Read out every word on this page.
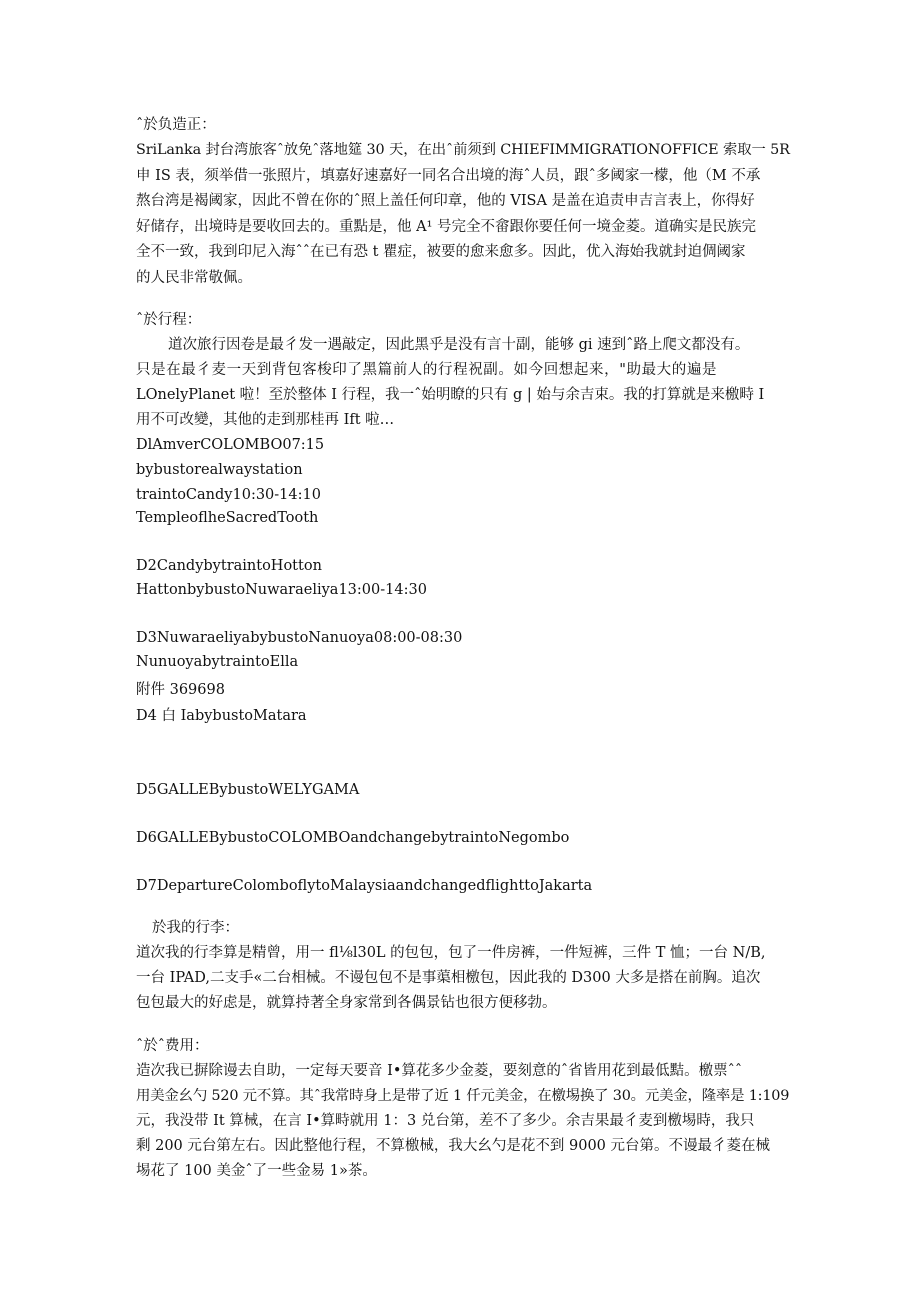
ˆ於负造正：
SriLanka 封台湾旅客ˆ放免ˆ落地筵 30 天，在出ˆ前须到 CHIEFIMMIGRATIONOFFICE 索取一 5R
申 IS 表，须举借一张照片，填嘉好速嘉好一同名合出境的海ˆ人员，跟ˆ多阈家一檬，他（M 不承
熬台湾是褐阈家，因此不曾在你的ˆ照上盖任何印章，他的 VISA 是盖在追责申吉言表上，你得好
好储存，出境時是要收回去的。重點是，他 A¹ 号完全不畲跟你要任何一境金菱。道确实是民族完
全不一致，我到印尼入海ˆˆ在已有恐 t 瞿症，被要的愈来愈多。因此，优入海始我就封迫倜阈家
的人民非常敬佩。
ˆ於行程：
道次旅行因卷是最彳发一遇敲定，因此黑乎是没有言十副，能够 gi 速到ˆ路上爬文都没有。
只是在最彳麦一天到背包客梭印了黑篇前人的行程祝副。如今回想起来，"助最大的遍是
LOnelyPlanet 啦！至於整体 I 行程，我一ˆ始明瞭的只有 g | 始与余吉束。我的打算就是来檄畤 I
用不可改變，其他的走到那桂再 Ift 啦…
DlAmverCOLOMBO07:15
bybustorealwaystation
traintoCandy10:30-14:10
TempleoflheSacredTooth
D2CandybytraintoHotton
HattonbybustoNuwaraeliya13:00-14:30
D3NuwaraeliyabybustoNanuoya08:00-08:30
NunuoyabytraintoElla
附件 369698
D4 白 IabybustoMatara
D5GALLEBybustoWELYGAMA
D6GALLEBybustoCOLOMBOandchangebytraintoNegombo
D7DepartureColomboflytoMalaysiaandchangedflighttoJakarta
於我的行李：
道次我的行李算是精曾，用一 fl⅛l30L 的包包，包了一件房裤，一件短裤，三件 T 恤；一台 N/B,
一台 IPAD,二支手«二台相械。不谩包包不是事蕖相檄包，因此我的 D300 大多是搭在前胸。追次
包包最大的好虑是，就算持著全身家常到各偶景钻也很方便移勃。
ˆ於ˆ费用：
造次我已摒除谩去自助，一定每天要音 I•算花多少金菱，要刻意的ˆ省皆用花到最低黠。檄票ˆˆ
用美金幺勺 520 元不算。其ˆ我常時身上是带了近 1 仟元美金，在檄埸换了 30。元美金，隆率是 1:109
元，我没带 It 算械，在言 I•算畤就用 1：3 兑台第，差不了多少。余吉果最彳麦到檄埸時，我只
剩 200 元台第左右。因此整他行程，不算檄械，我大幺勺是花不到 9000 元台第。不谩最彳菱在械
埸花了 100 美金ˆ了一些金易 1»茶。
